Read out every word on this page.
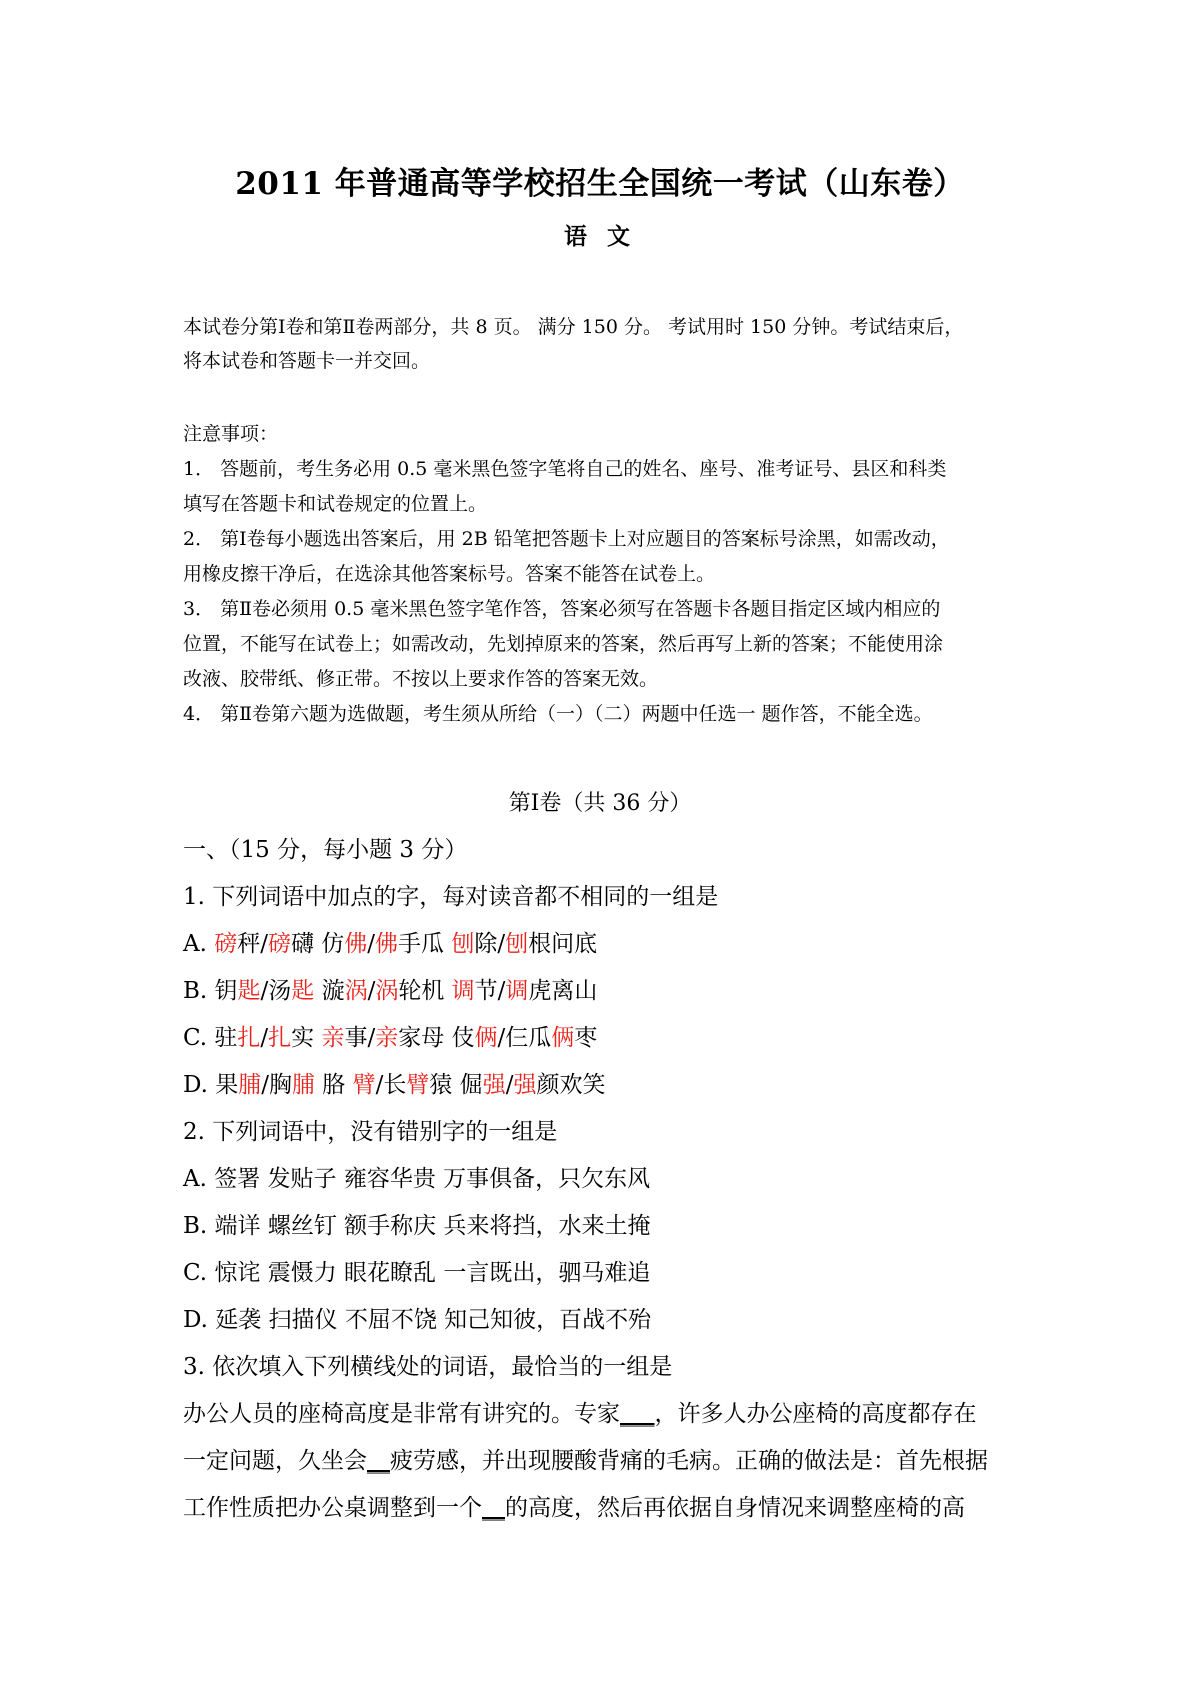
2011 年普通高等学校招生全国统一考试（山东卷）
语 文
本试卷分第Ⅰ卷和第Ⅱ卷两部分，共 8 页。 满分 150 分。 考试用时 150 分钟。考试结束后，
将本试卷和答题卡一并交回。
注意事项：
1． 答题前，考生务必用 0.5 毫米黑色签字笔将自己的姓名、座号、准考证号、县区和科类
填写在答题卡和试卷规定的位置上。
2． 第Ⅰ卷每小题选出答案后，用 2B 铅笔把答题卡上对应题目的答案标号涂黑，如需改动，
用橡皮擦干净后，在选涂其他答案标号。答案不能答在试卷上。
3． 第Ⅱ卷必须用 0.5 毫米黑色签字笔作答，答案必须写在答题卡各题目指定区域内相应的
位置，不能写在试卷上；如需改动，先划掉原来的答案，然后再写上新的答案；不能使用涂
改液、胶带纸、修正带。不按以上要求作答的答案无效。
4． 第Ⅱ卷第六题为选做题，考生须从所给（一）（二）两题中任选一 题作答，不能全选。
第Ⅰ卷（共 36 分）
一、（15 分，每小题 3 分）
1. 下列词语中加点的字，每对读音都不相同的一组是
A. 磅秤/磅礴 仿佛/佛手瓜 刨除/刨根问底
B. 钥匙/汤匙 漩涡/涡轮机 调节/调虎离山
C. 驻扎/扎实 亲事/亲家母 伎俩/仨瓜俩枣
D. 果脯/胸脯 胳 臂/长臂猿 倔强/强颜欢笑
2. 下列词语中，没有错别字的一组是
A. 签署 发贴子 雍容华贵 万事俱备，只欠东风
B. 端详 螺丝钉 额手称庆 兵来将挡，水来土掩
C. 惊诧 震慑力 眼花瞭乱 一言既出，驷马难追
D. 延袭 扫描仪 不屈不饶 知己知彼，百战不殆
3. 依次填入下列横线处的词语，最恰当的一组是
办公人员的座椅高度是非常有讲究的。专家___，许多人办公座椅的高度都存在
一定问题，久坐会__疲劳感，并出现腰酸背痛的毛病。正确的做法是：首先根据
工作性质把办公桌调整到一个__的高度，然后再依据自身情况来调整座椅的高
